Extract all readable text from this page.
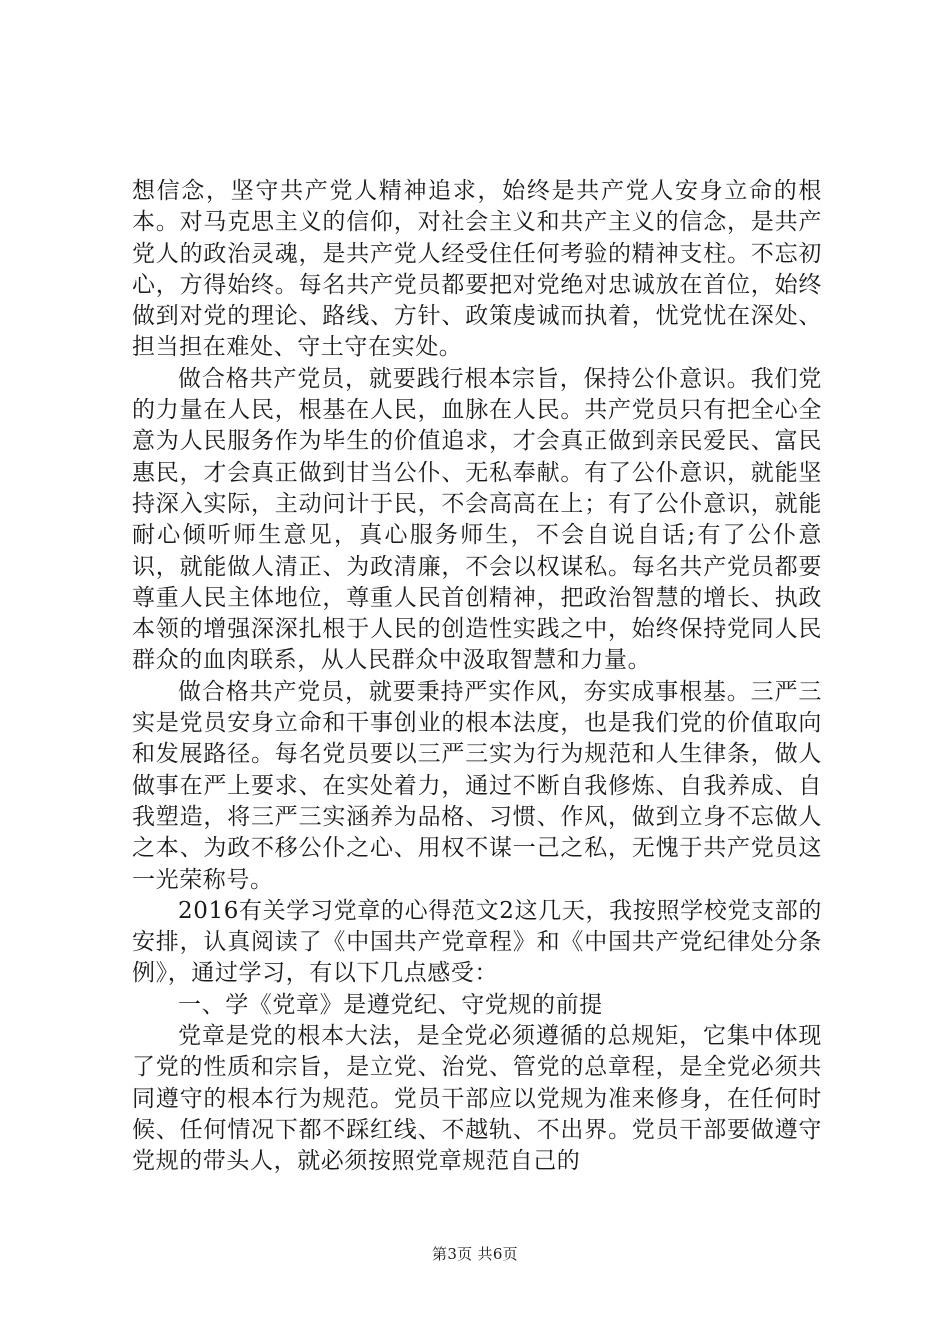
想信念，坚守共产党人精神追求，始终是共产党人安身立命的根本。对马克思主义的信仰，对社会主义和共产主义的信念，是共产党人的政治灵魂，是共产党人经受住任何考验的精神支柱。不忘初心，方得始终。每名共产党员都要把对党绝对忠诚放在首位，始终做到对党的理论、路线、方针、政策虔诚而执着，忧党忧在深处、担当担在难处、守土守在实处。

做合格共产党员，就要践行根本宗旨，保持公仆意识。我们党的力量在人民，根基在人民，血脉在人民。共产党员只有把全心全意为人民服务作为毕生的价值追求，才会真正做到亲民爱民、富民惠民，才会真正做到甘当公仆、无私奉献。有了公仆意识，就能坚持深入实际，主动问计于民，不会高高在上；有了公仆意识，就能耐心倾听师生意见，真心服务师生，不会自说自话;有了公仆意识，就能做人清正、为政清廉，不会以权谋私。每名共产党员都要尊重人民主体地位，尊重人民首创精神，把政治智慧的增长、执政本领的增强深深扎根于人民的创造性实践之中，始终保持党同人民群众的血肉联系，从人民群众中汲取智慧和力量。

做合格共产党员，就要秉持严实作风，夯实成事根基。三严三实是党员安身立命和干事创业的根本法度，也是我们党的价值取向和发展路径。每名党员要以三严三实为行为规范和人生律条，做人做事在严上要求、在实处着力，通过不断自我修炼、自我养成、自我塑造，将三严三实涵养为品格、习惯、作风，做到立身不忘做人之本、为政不移公仆之心、用权不谋一己之私，无愧于共产党员这一光荣称号。

2016有关学习党章的心得范文2这几天，我按照学校党支部的安排，认真阅读了《中国共产党章程》和《中国共产党纪律处分条例》，通过学习，有以下几点感受：

一、学《党章》是遵党纪、守党规的前提

党章是党的根本大法，是全党必须遵循的总规矩，它集中体现了党的性质和宗旨，是立党、治党、管党的总章程，是全党必须共同遵守的根本行为规范。党员干部应以党规为准来修身，在任何时候、任何情况下都不踩红线、不越轨、不出界。党员干部要做遵守党规的带头人，就必须按照党章规范自己的

第3页 共6页
